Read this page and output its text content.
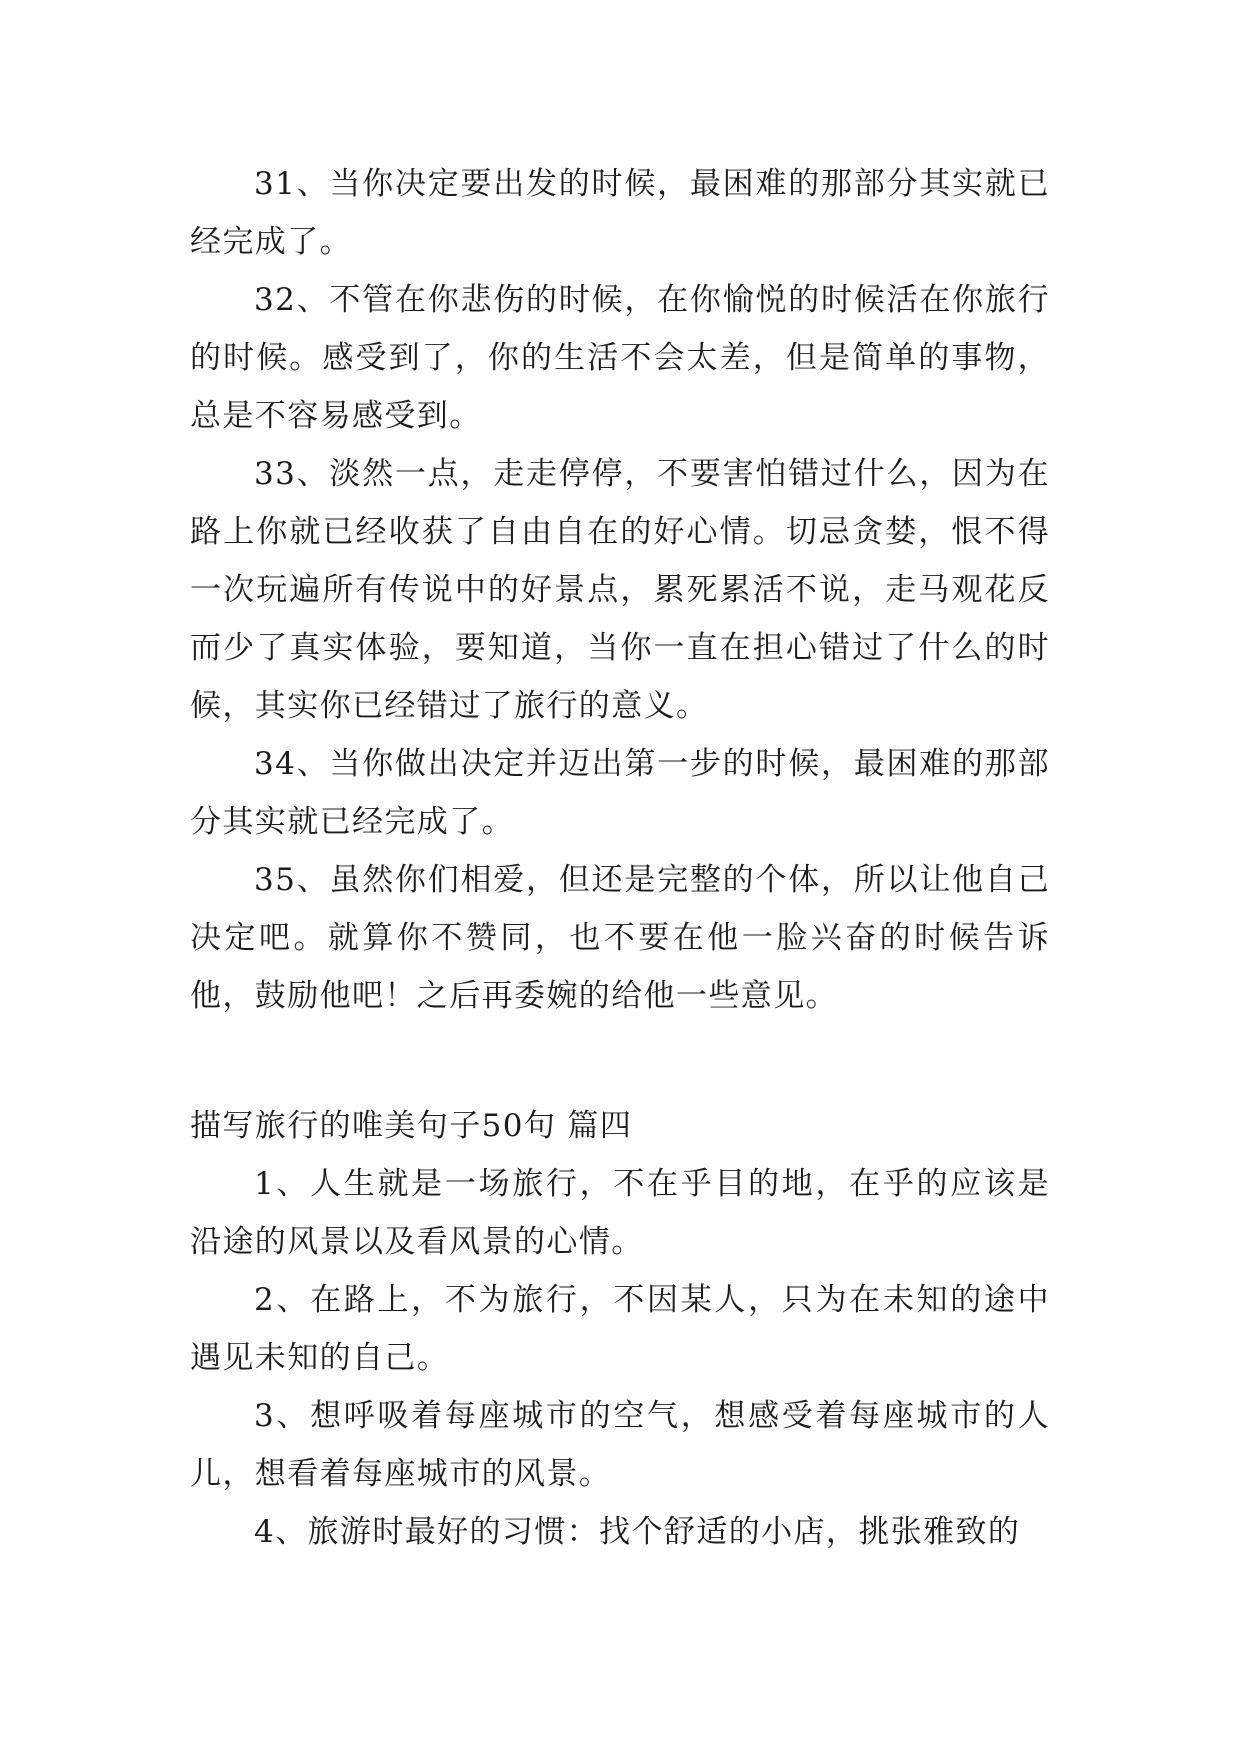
31、当你决定要出发的时候，最困难的那部分其实就已经完成了。

32、不管在你悲伤的时候，在你愉悦的时候活在你旅行的时候。感受到了，你的生活不会太差，但是简单的事物，总是不容易感受到。

33、淡然一点，走走停停，不要害怕错过什么，因为在路上你就已经收获了自由自在的好心情。切忌贪婪，恨不得一次玩遍所有传说中的好景点，累死累活不说，走马观花反而少了真实体验，要知道，当你一直在担心错过了什么的时候，其实你已经错过了旅行的意义。

34、当你做出决定并迈出第一步的时候，最困难的那部分其实就已经完成了。

35、虽然你们相爱，但还是完整的个体，所以让他自己决定吧。就算你不赞同，也不要在他一脸兴奋的时候告诉他，鼓励他吧！之后再委婉的给他一些意见。

描写旅行的唯美句子50句 篇四

1、人生就是一场旅行，不在乎目的地，在乎的应该是沿途的风景以及看风景的心情。

2、在路上，不为旅行，不因某人，只为在未知的途中遇见未知的自己。

3、想呼吸着每座城市的空气，想感受着每座城市的人儿，想看着每座城市的风景。

4、旅游时最好的习惯：找个舒适的小店，挑张雅致的
